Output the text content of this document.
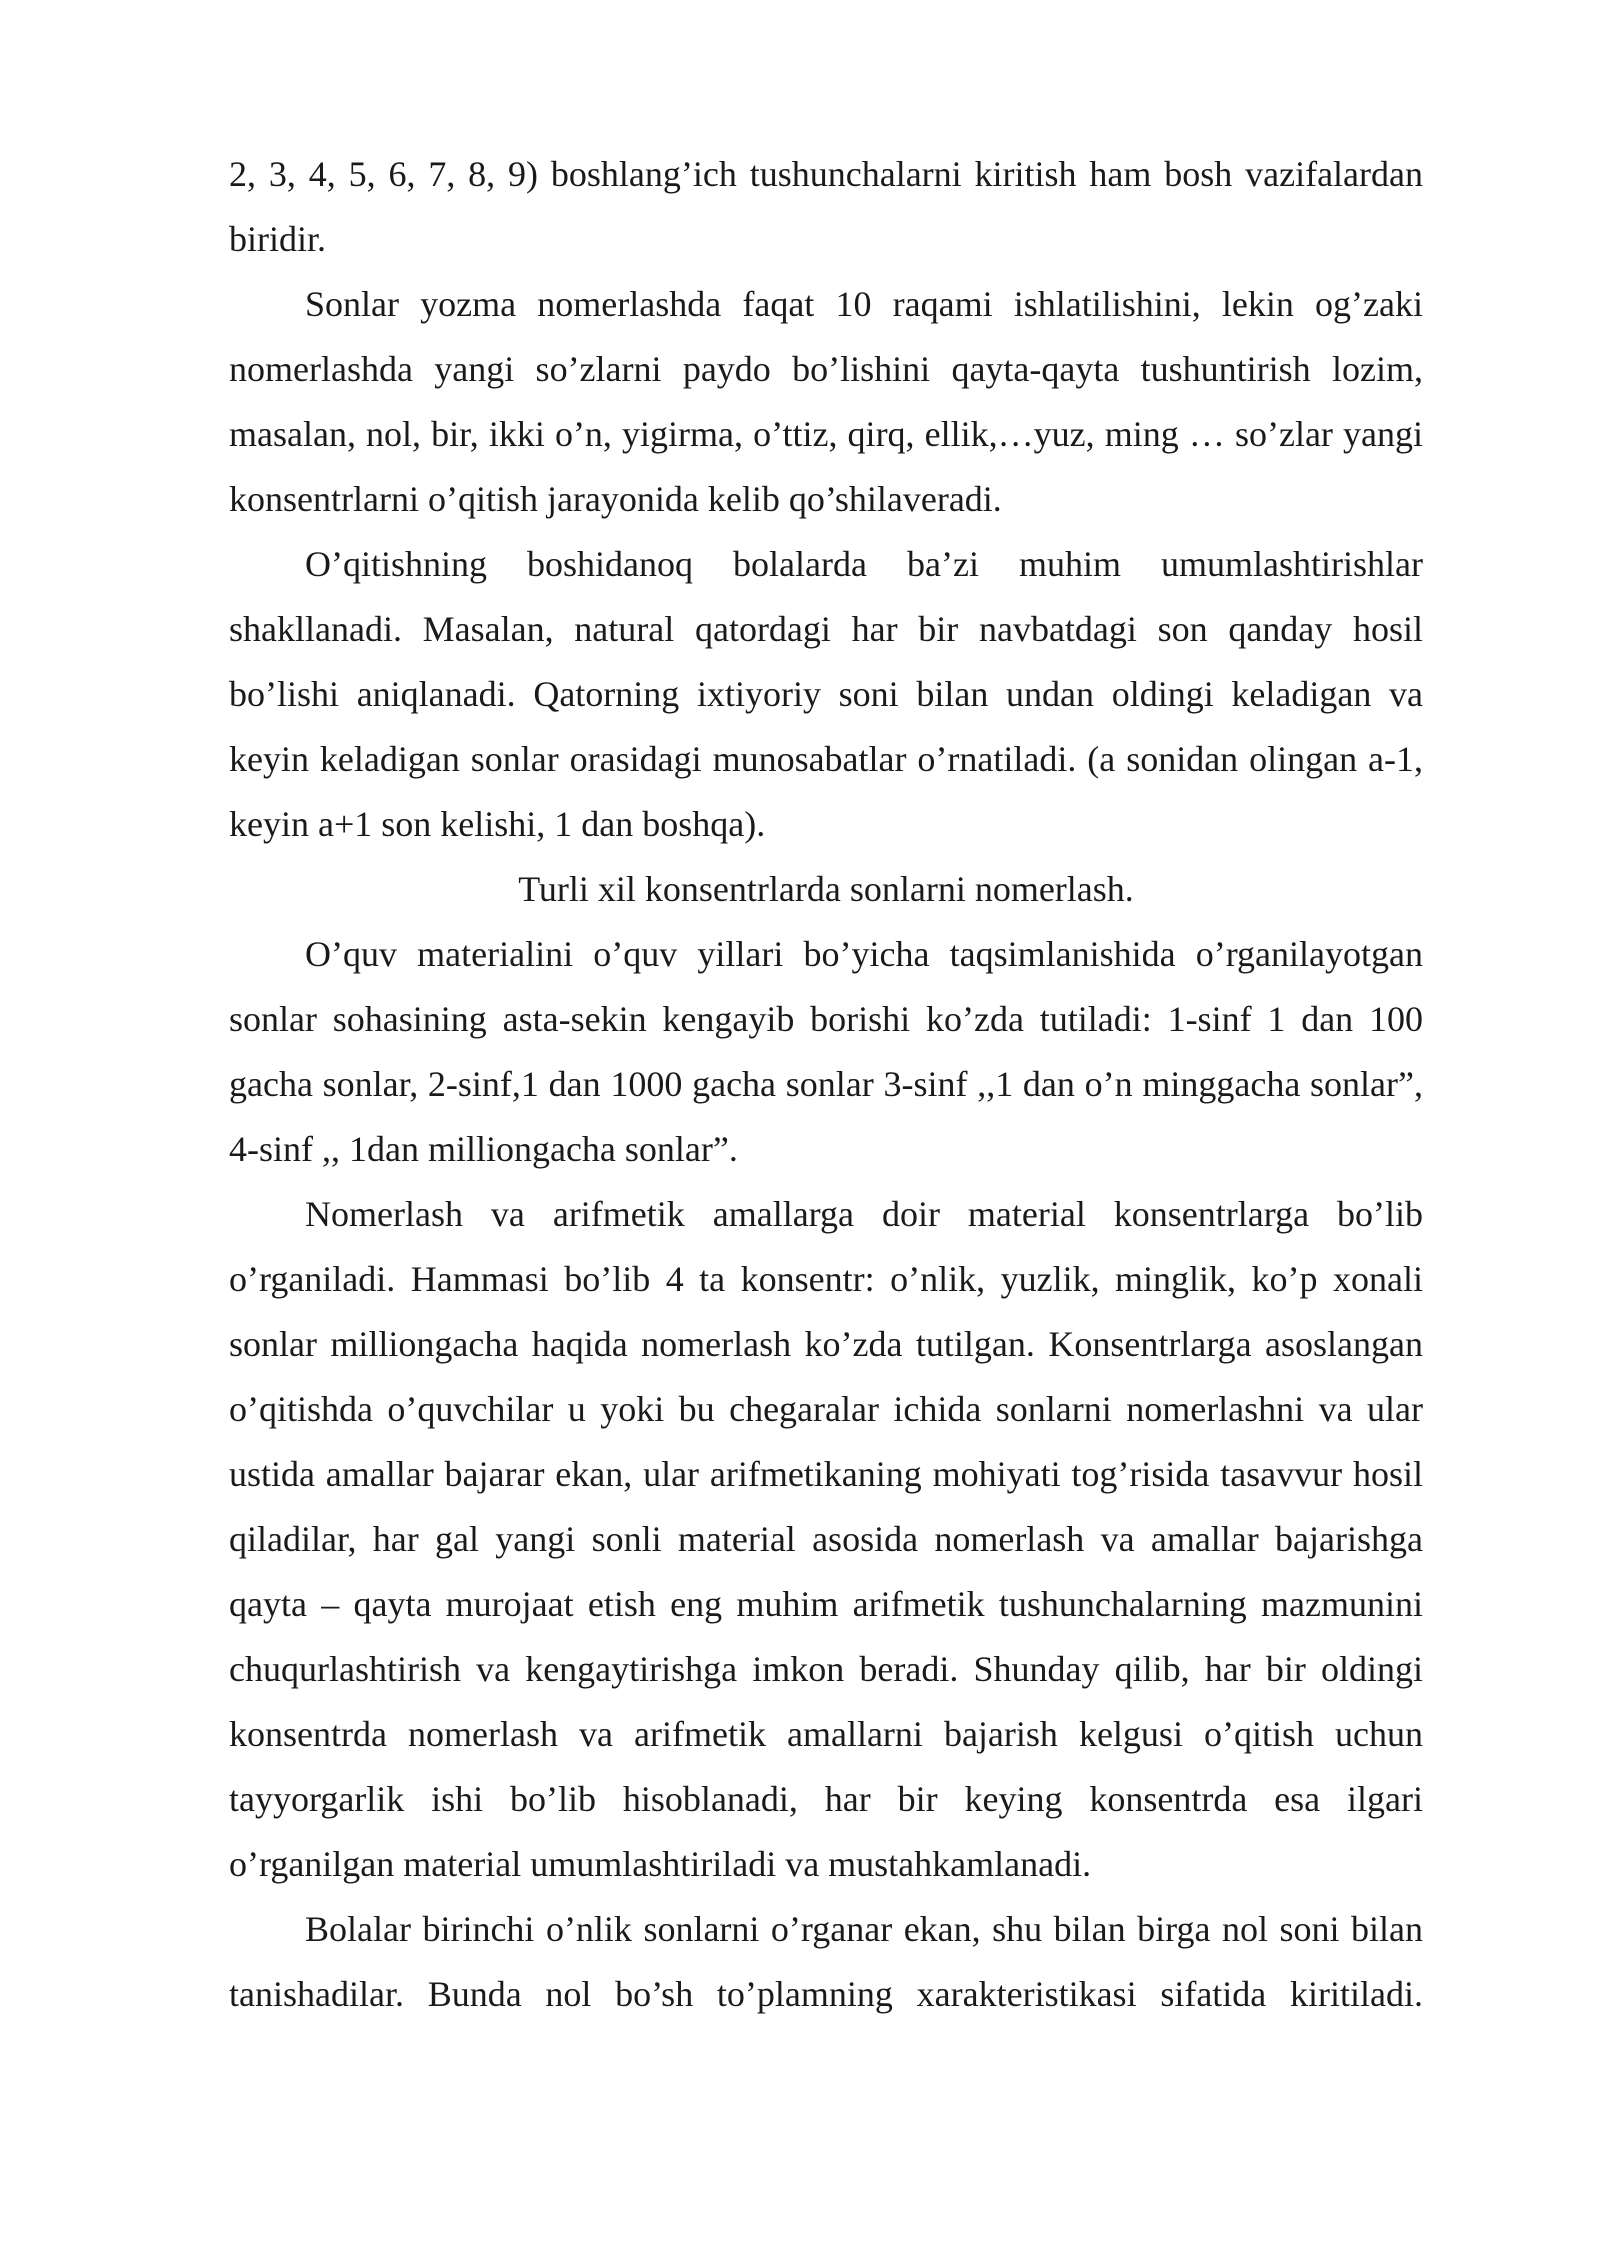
2, 3, 4, 5, 6, 7, 8, 9) boshlang’ich tushunchalarni kiritish ham bosh vazifalardan biridir.

Sonlar yozma nomerlashda faqat 10 raqami ishlatilishini, lekin og’zaki nomerlashda yangi so’zlarni paydo bo’lishini qayta-qayta tushuntirish lozim, masalan, nol, bir, ikki o’n, yigirma, o’ttiz, qirq, ellik,…yuz, ming … so’zlar yangi konsentrlarni o’qitish jarayonida kelib qo’shilaveradi.

O’qitishning boshidanoq bolalarda ba’zi muhim umumlashtirishlar shakllanadi. Masalan, natural qatordagi har bir navbatdagi son qanday hosil bo’lishi aniqlanadi. Qatorning ixtiyoriy soni bilan undan oldingi keladigan va keyin keladigan sonlar orasidagi munosabatlar o’rnatiladi. (a sonidan olingan a-1, keyin a+1 son kelishi, 1 dan boshqa).

Turli xil konsentrlarda sonlarni nomerlash.

O’quv materialini o’quv yillari bo’yicha taqsimlanishida o’rganilayotgan sonlar sohasining asta-sekin kengayib borishi ko’zda tutiladi: 1-sinf 1 dan 100 gacha sonlar, 2-sinf,1 dan 1000 gacha sonlar 3-sinf ,,1 dan o’n minggacha sonlar”, 4-sinf ,, 1dan milliongacha sonlar”.

Nomerlash va arifmetik amallarga doir material konsentrlarga bo’lib o’rganiladi. Hammasi bo’lib 4 ta konsentr: o’nlik, yuzlik, minglik, ko’p xonali sonlar milliongacha haqida nomerlash ko’zda tutilgan. Konsentrlarga asoslangan o’qitishda o’quvchilar u yoki bu chegaralar ichida sonlarni nomerlashni va ular ustida amallar bajarar ekan, ular arifmetikaning mohiyati tog’risida tasavvur hosil qiladilar, har gal yangi sonli material asosida nomerlash va amallar bajarishga qayta – qayta murojaat etish eng muhim arifmetik tushunchalarning mazmunini chuqurlashtirish va kengaytirishga imkon beradi. Shunday qilib, har bir oldingi konsentrda nomerlash va arifmetik amallarni bajarish kelgusi o’qitish uchun tayyorgarlik ishi bo’lib hisoblanadi, har bir keying konsentrda esa ilgari o’rganilgan material umumlashtiriladi va mustahkamlanadi.

Bolalar birinchi o’nlik sonlarni o’rganar ekan, shu bilan birga nol soni bilan tanishadilar. Bunda nol bo’sh to’plamning xarakteristikasi sifatida kiritiladi.
